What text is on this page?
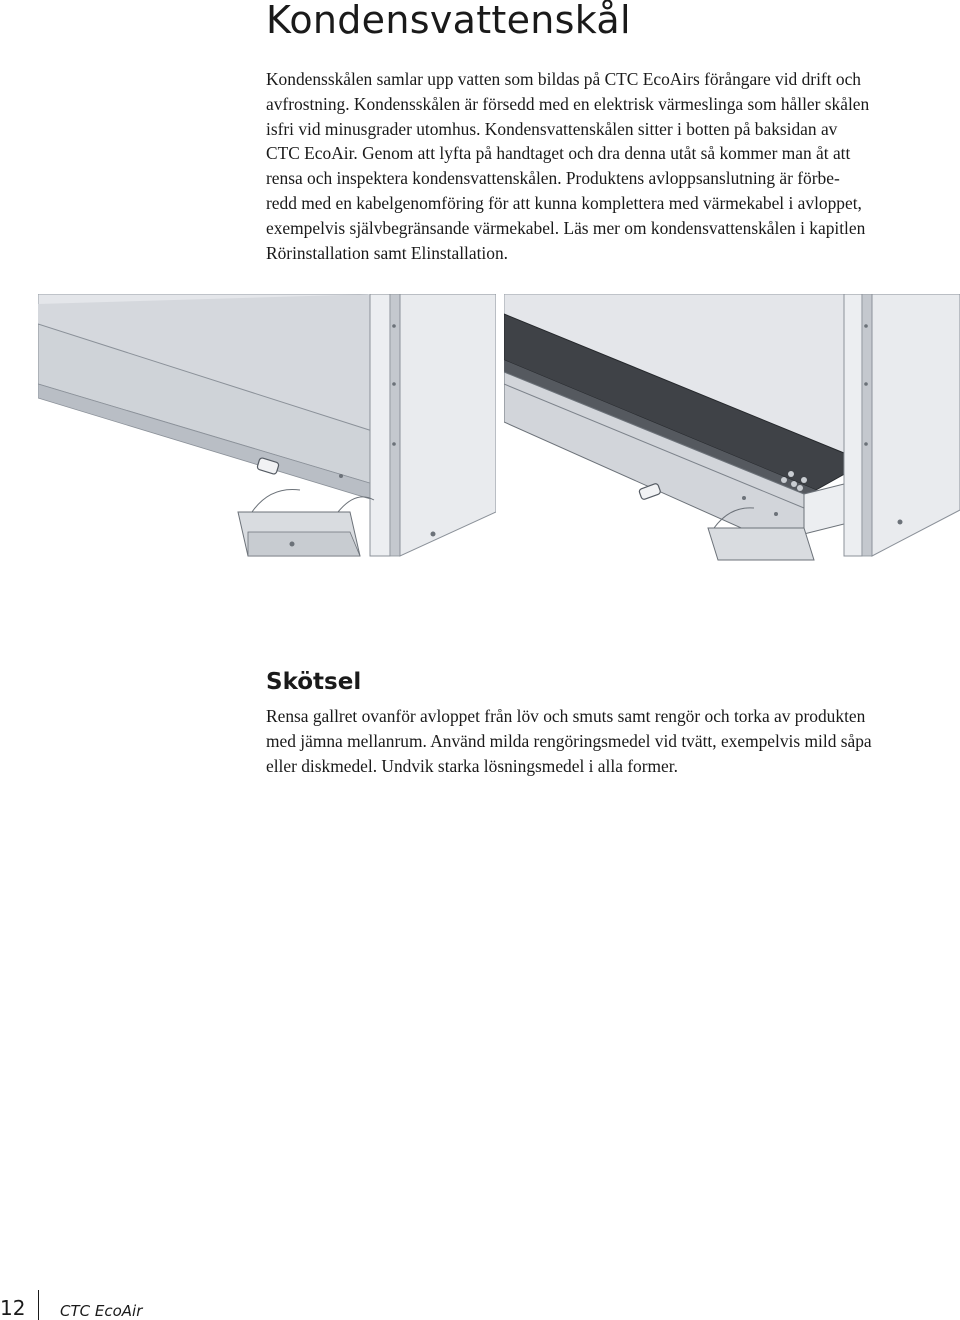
Kondensvattenskål

Kondensskålen samlar upp vatten som bildas på CTC EcoAirs förångare vid drift och
avfrostning. Kondensskålen är försedd med en elektrisk värmeslinga som håller skålen
isfri vid minusgrader utomhus. Kondensvattenskålen sitter i botten på baksidan av
CTC EcoAir. Genom att lyfta på handtaget och dra denna utåt så kommer man åt att
rensa och inspektera kondensvattenskålen. Produktens avloppsanslutning är förbe-
redd med en kabelgenomföring för att kunna komplettera med värmekabel i avloppet,
exempelvis självbegränsande värmekabel. Läs mer om kondensvattenskålen i kapitlen
Rörinstallation samt Elinstallation.

Skötsel

Rensa gallret ovanför avloppet från löv och smuts samt rengör och torka av produkten
med jämna mellanrum. Använd milda rengöringsmedel vid tvätt, exempelvis mild såpa
eller diskmedel. Undvik starka lösningsmedel i alla former.

12	CTC EcoAir
